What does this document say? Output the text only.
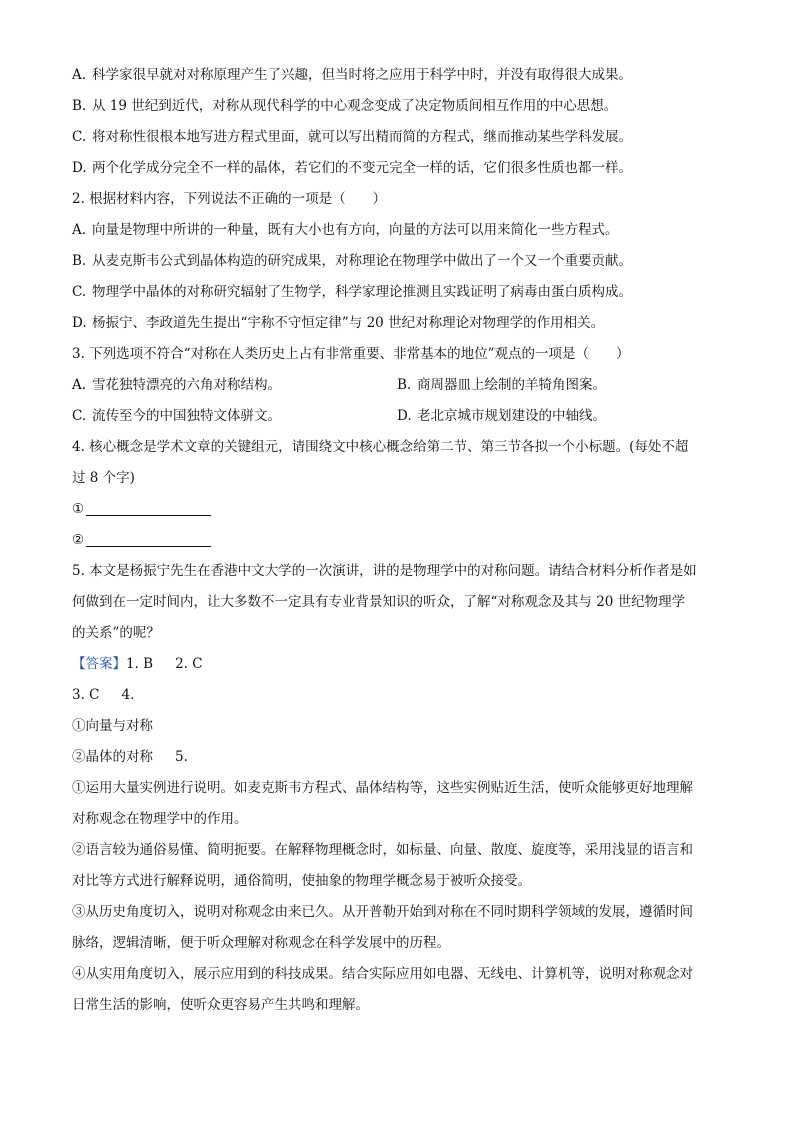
A. 科学家很早就对对称原理产生了兴趣，但当时将之应用于科学中时，并没有取得很大成果。
B. 从 19 世纪到近代，对称从现代科学的中心观念变成了决定物质间相互作用的中心思想。
C. 将对称性很根本地写进方程式里面，就可以写出精而简的方程式，继而推动某些学科发展。
D. 两个化学成分完全不一样的晶体，若它们的不变元完全一样的话，它们很多性质也都一样。
2. 根据材料内容，下列说法不正确的一项是（　　）
A. 向量是物理中所讲的一种量，既有大小也有方向，向量的方法可以用来简化一些方程式。
B. 从麦克斯韦公式到晶体构造的研究成果，对称理论在物理学中做出了一个又一个重要贡献。
C. 物理学中晶体的对称研究辐射了生物学，科学家理论推测且实践证明了病毒由蛋白质构成。
D. 杨振宁、李政道先生提出“宇称不守恒定律”与 20 世纪对称理论对物理学的作用相关。
3. 下列选项不符合“对称在人类历史上占有非常重要、非常基本的地位”观点的一项是（　　）
A. 雪花独特漂亮的六角对称结构。	B. 商周器皿上绘制的羊犄角图案。
C. 流传至今的中国独特文体骈文。	D. 老北京城市规划建设的中轴线。
4. 核心概念是学术文章的关键组元，请围绕文中核心概念给第二节、第三节各拟一个小标题。(每处不超
过 8 个字)
①
②
5. 本文是杨振宁先生在香港中文大学的一次演讲，讲的是物理学中的对称问题。请结合材料分析作者是如
何做到在一定时间内，让大多数不一定具有专业背景知识的听众，了解“对称观念及其与 20 世纪物理学
的关系”的呢？
【答案】1. B 2. C
3. C 4.
①向量与对称
②晶体的对称 5.
①运用大量实例进行说明。如麦克斯韦方程式、晶体结构等，这些实例贴近生活，使听众能够更好地理解
对称观念在物理学中的作用。
②语言较为通俗易懂、简明扼要。在解释物理概念时，如标量、向量、散度、旋度等，采用浅显的语言和
对比等方式进行解释说明，通俗简明，使抽象的物理学概念易于被听众接受。
③从历史角度切入，说明对称观念由来已久。从开普勒开始到对称在不同时期科学领域的发展，遵循时间
脉络，逻辑清晰，便于听众理解对称观念在科学发展中的历程。
④从实用角度切入，展示应用到的科技成果。结合实际应用如电器、无线电、计算机等，说明对称观念对
日常生活的影响，使听众更容易产生共鸣和理解。
